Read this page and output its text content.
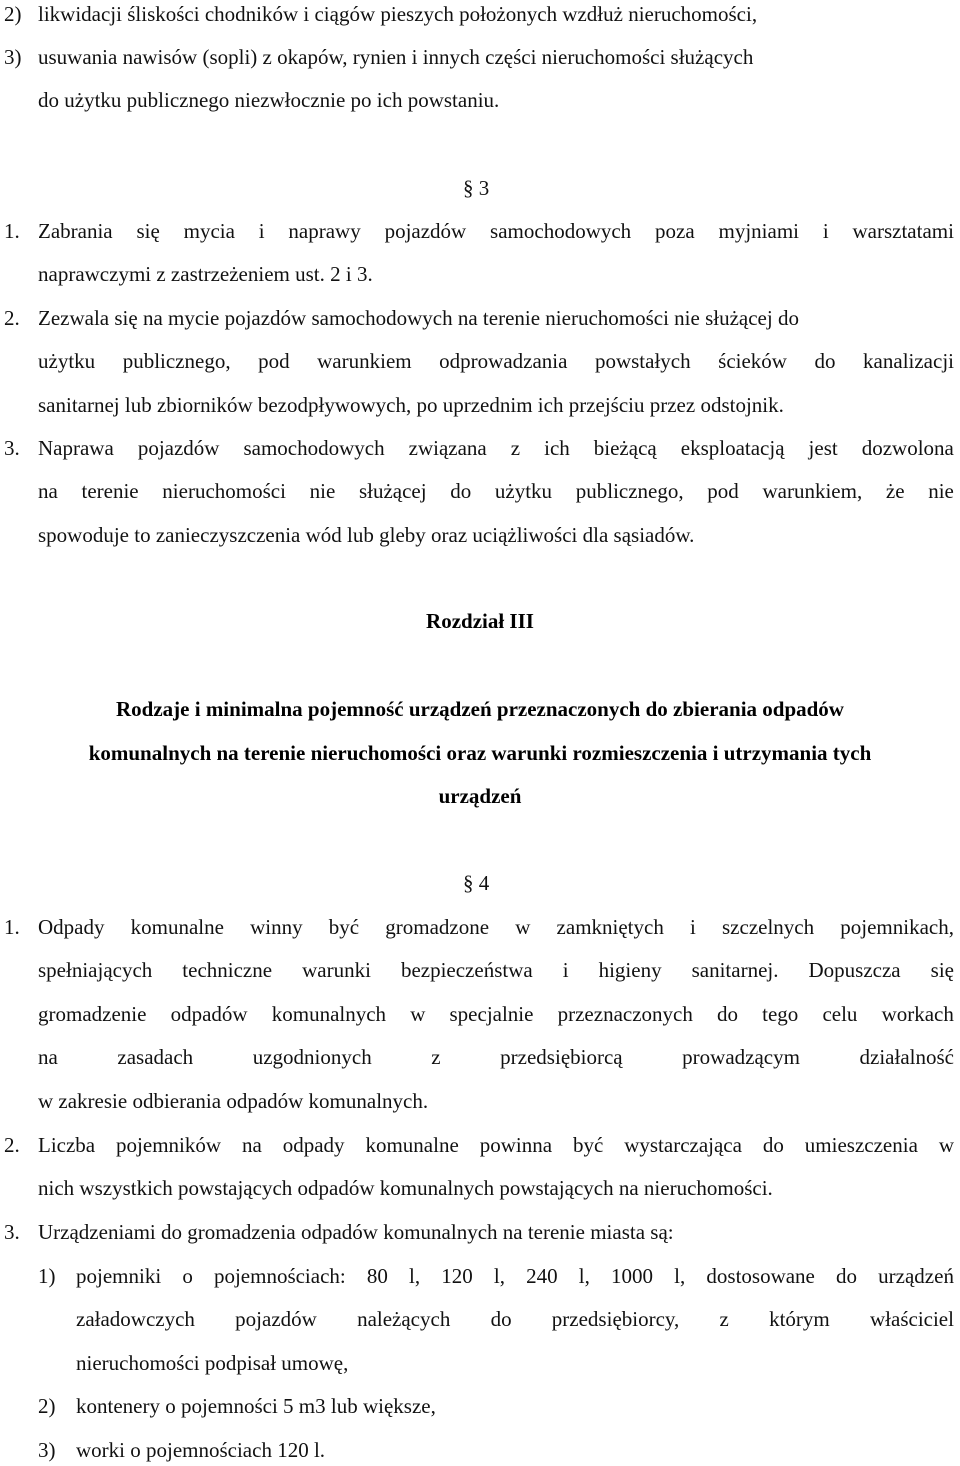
2) likwidacji śliskości chodników i ciągów pieszych położonych wzdłuż nieruchomości,
3) usuwania nawisów (sopli) z okapów, rynien i innych części nieruchomości służących
do użytku publicznego niezwłocznie po ich powstaniu.
§ 3
1. Zabrania się mycia i naprawy pojazdów samochodowych poza myjniami i warsztatami
naprawczymi z zastrzeżeniem ust. 2 i 3.
2. Zezwala się na mycie pojazdów samochodowych na terenie nieruchomości nie służącej do
użytku publicznego, pod warunkiem odprowadzania powstałych ścieków do kanalizacji
sanitarnej lub zbiorników bezodpływowych, po uprzednim ich przejściu przez odstojnik.
3. Naprawa pojazdów samochodowych związana z ich bieżącą eksploatacją jest dozwolona
na terenie nieruchomości nie służącej do użytku publicznego, pod warunkiem, że nie
spowoduje to zanieczyszczenia wód lub gleby oraz uciążliwości dla sąsiadów.
Rozdział III
Rodzaje i minimalna pojemność urządzeń przeznaczonych do zbierania odpadów
komunalnych na terenie nieruchomości oraz warunki rozmieszczenia i utrzymania tych
urządzeń
§ 4
1. Odpady komunalne winny być gromadzone w zamkniętych i szczelnych pojemnikach,
spełniających techniczne warunki bezpieczeństwa i higieny sanitarnej. Dopuszcza się
gromadzenie odpadów komunalnych w specjalnie przeznaczonych do tego celu workach
na	zasadach	uzgodnionych	z	przedsiębiorcą	prowadzącym	działalność
w zakresie odbierania odpadów komunalnych.
2. Liczba pojemników na odpady komunalne powinna być wystarczająca do umieszczenia w
nich wszystkich powstających odpadów komunalnych powstających na nieruchomości.
3. Urządzeniami do gromadzenia odpadów komunalnych na terenie miasta są:
1) pojemniki o pojemnościach: 80 l, 120 l, 240 l, 1000 l, dostosowane do urządzeń
załadowczych pojazdów należących do przedsiębiorcy, z którym właściciel
nieruchomości podpisał umowę,
2) kontenery o pojemności 5 m3 lub większe,
3) worki o pojemnościach 120 l.
